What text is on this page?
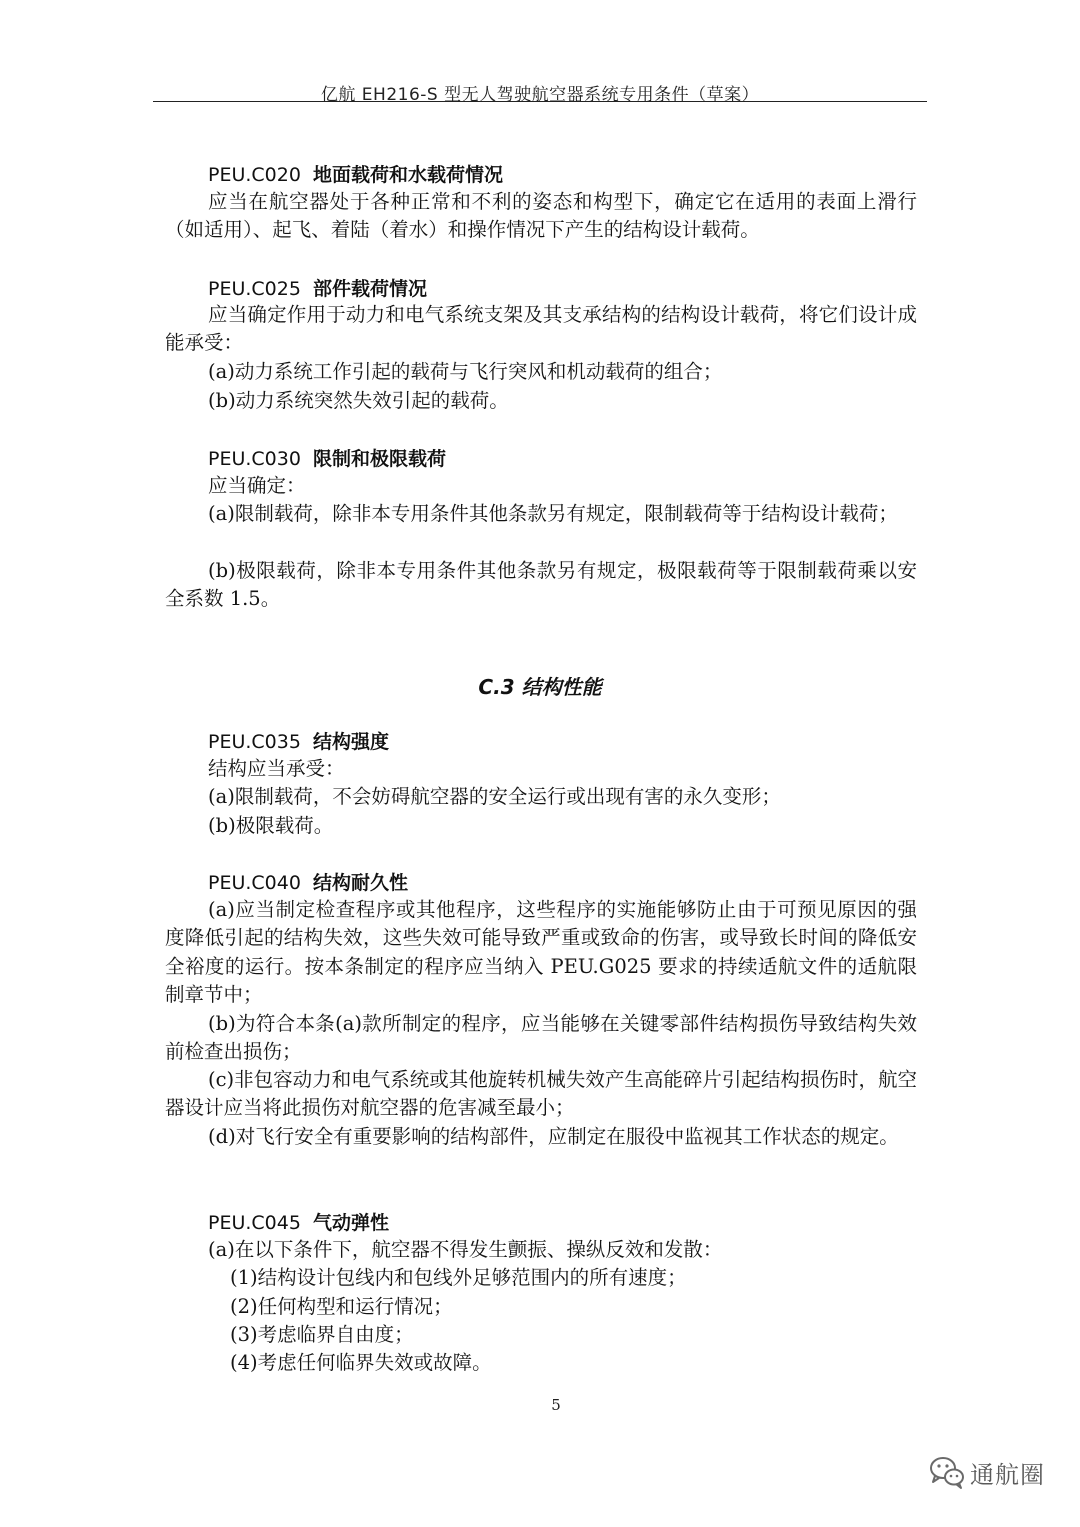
亿航 EH216-S 型无人驾驶航空器系统专用条件（草案）
PEU.C020 地面载荷和水载荷情况

应当在航空器处于各种正常和不利的姿态和构型下，确定它在适用的表面上滑行（如适用）、起飞、着陆（着水）和操作情况下产生的结构设计载荷。

PEU.C025 部件载荷情况

应当确定作用于动力和电气系统支架及其支承结构的结构设计载荷，将它们设计成能承受：

(a)动力系统工作引起的载荷与飞行突风和机动载荷的组合；

(b)动力系统突然失效引起的载荷。

PEU.C030 限制和极限载荷

应当确定：

(a)限制载荷，除非本专用条件其他条款另有规定，限制载荷等于结构设计载荷；

(b)极限载荷，除非本专用条件其他条款另有规定，极限载荷等于限制载荷乘以安全系数 1.5。

C.3 结构性能
PEU.C035 结构强度

结构应当承受：

(a)限制载荷，不会妨碍航空器的安全运行或出现有害的永久变形；

(b)极限载荷。

PEU.C040 结构耐久性

(a)应当制定检查程序或其他程序，这些程序的实施能够防止由于可预见原因的强度降低引起的结构失效，这些失效可能导致严重或致命的伤害，或导致长时间的降低安全裕度的运行。按本条制定的程序应当纳入 PEU.G025 要求的持续适航文件的适航限制章节中；

(b)为符合本条(a)款所制定的程序，应当能够在关键零部件结构损伤导致结构失效前检查出损伤；

(c)非包容动力和电气系统或其他旋转机械失效产生高能碎片引起结构损伤时，航空器设计应当将此损伤对航空器的危害减至最小；

(d)对飞行安全有重要影响的结构部件，应制定在服役中监视其工作状态的规定。

PEU.C045 气动弹性

(a)在以下条件下，航空器不得发生颤振、操纵反效和发散：

(1)结构设计包线内和包线外足够范围内的所有速度；

(2)任何构型和运行情况；

(3)考虑临界自由度；

(4)考虑任何临界失效或故障。

5
通航圈
